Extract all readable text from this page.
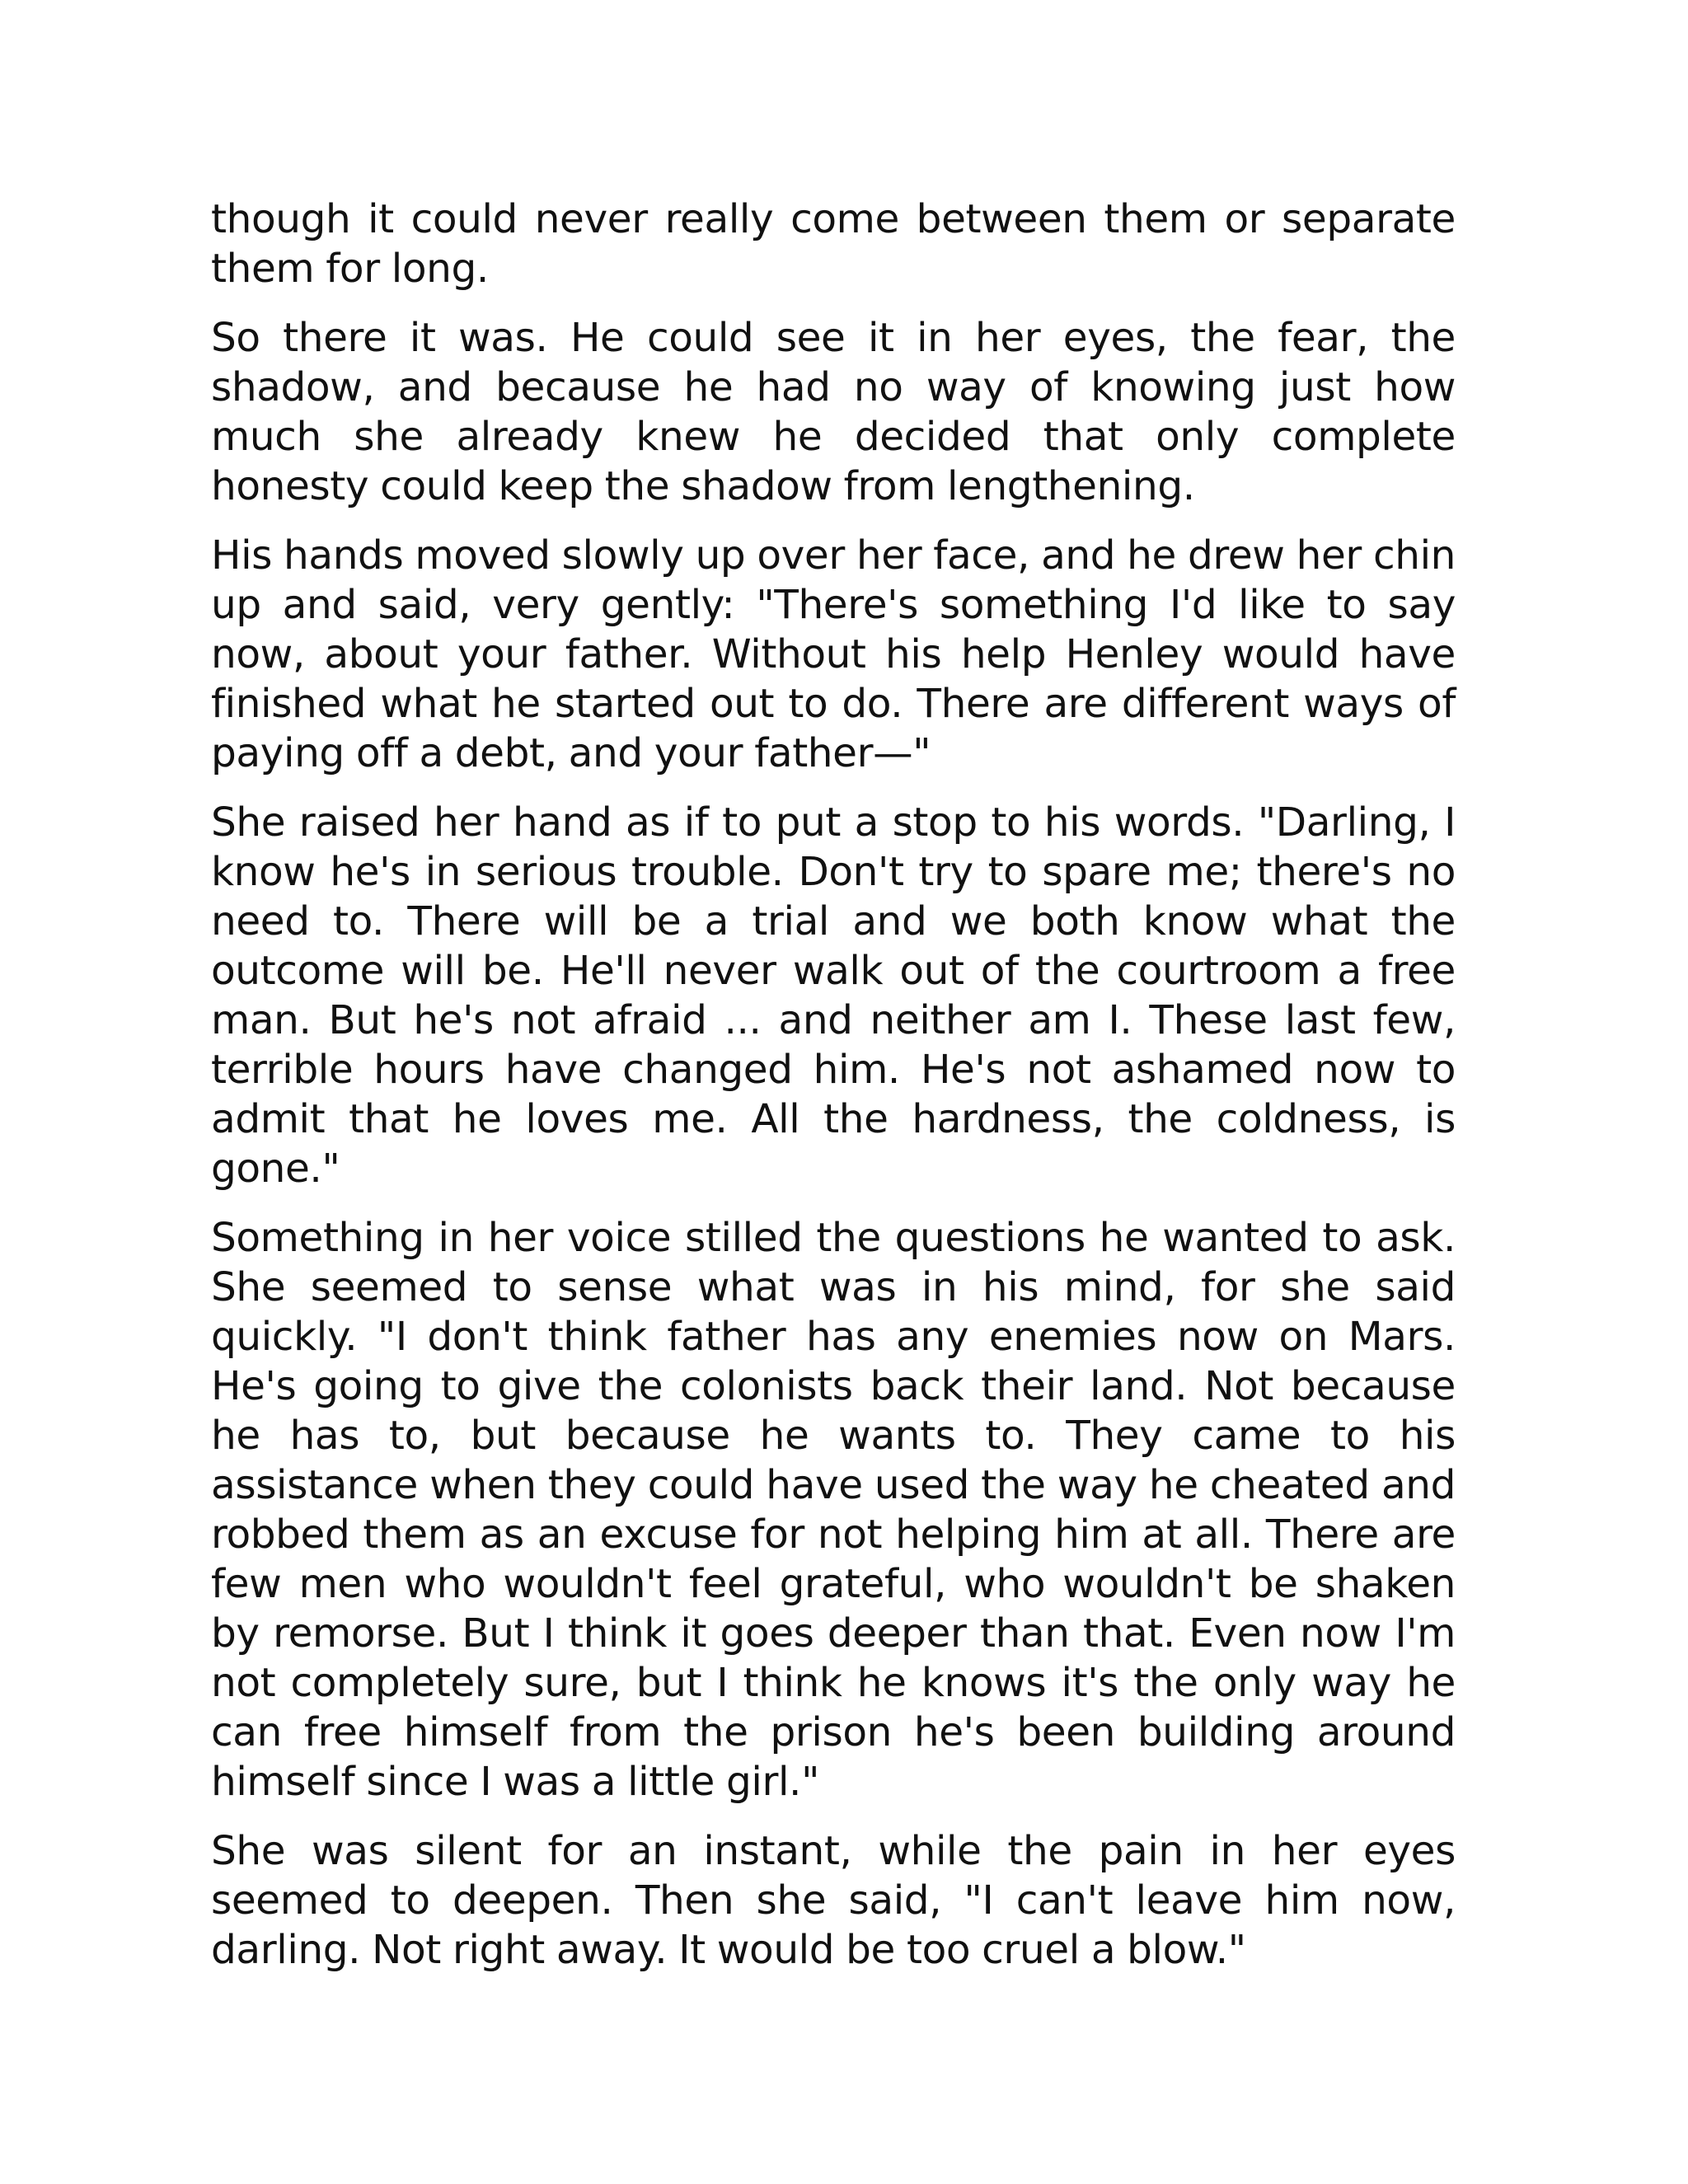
though it could never really come between them or separate them for long.

So there it was. He could see it in her eyes, the fear, the shadow, and because he had no way of knowing just how much she already knew he decided that only complete honesty could keep the shadow from lengthening.

His hands moved slowly up over her face, and he drew her chin up and said, very gently: "There's something I'd like to say now, about your father. Without his help Henley would have finished what he started out to do. There are different ways of paying off a debt, and your father—"

She raised her hand as if to put a stop to his words. "Darling, I know he's in serious trouble. Don't try to spare me; there's no need to. There will be a trial and we both know what the outcome will be. He'll never walk out of the courtroom a free man. But he's not afraid ... and neither am I. These last few, terrible hours have changed him. He's not ashamed now to admit that he loves me. All the hardness, the coldness, is gone."

Something in her voice stilled the questions he wanted to ask. She seemed to sense what was in his mind, for she said quickly. "I don't think father has any enemies now on Mars. He's going to give the colonists back their land. Not because he has to, but because he wants to. They came to his assistance when they could have used the way he cheated and robbed them as an excuse for not helping him at all. There are few men who wouldn't feel grateful, who wouldn't be shaken by remorse. But I think it goes deeper than that. Even now I'm not completely sure, but I think he knows it's the only way he can free himself from the prison he's been building around himself since I was a little girl."

She was silent for an instant, while the pain in her eyes seemed to deepen. Then she said, "I can't leave him now, darling. Not right away. It would be too cruel a blow."
